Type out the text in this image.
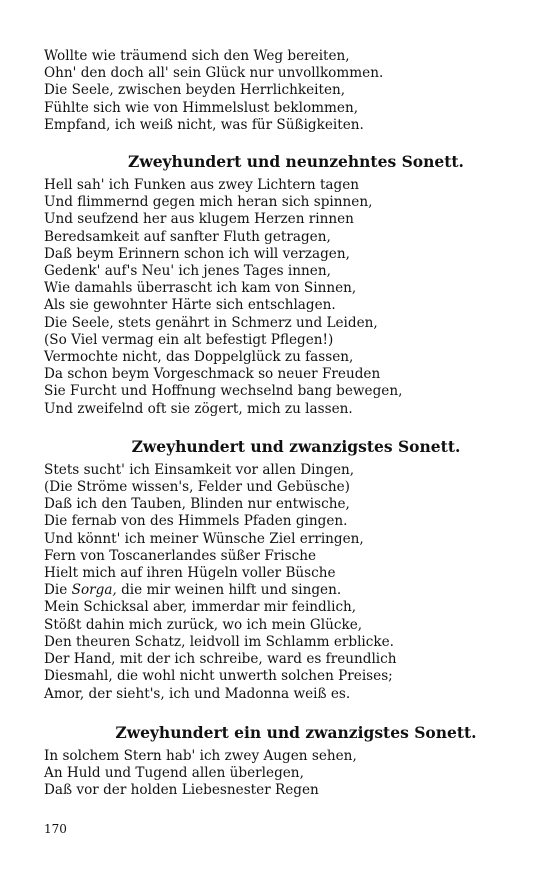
Wollte wie träumend sich den Weg bereiten,
Ohn' den doch all' sein Glück nur unvollkommen.
Die Seele, zwischen beyden Herrlichkeiten,
Fühlte sich wie von Himmelslust beklommen,
Empfand, ich weiß nicht, was für Süßigkeiten.
Zweyhundert und neunzehntes Sonett.
Hell sah' ich Funken aus zwey Lichtern tagen
Und flimmernd gegen mich heran sich spinnen,
Und seufzend her aus klugem Herzen rinnen
Beredsamkeit auf sanfter Fluth getragen,
Daß beym Erinnern schon ich will verzagen,
Gedenk' auf's Neu' ich jenes Tages innen,
Wie damahls überrascht ich kam von Sinnen,
Als sie gewohnter Härte sich entschlagen.
Die Seele, stets genährt in Schmerz und Leiden,
(So Viel vermag ein alt befestigt Pflegen!)
Vermochte nicht, das Doppelglück zu fassen,
Da schon beym Vorgeschmack so neuer Freuden
Sie Furcht und Hoffnung wechselnd bang bewegen,
Und zweifelnd oft sie zögert, mich zu lassen.
Zweyhundert und zwanzigstes Sonett.
Stets sucht' ich Einsamkeit vor allen Dingen,
(Die Ströme wissen's, Felder und Gebüsche)
Daß ich den Tauben, Blinden nur entwische,
Die fernab von des Himmels Pfaden gingen.
Und könnt' ich meiner Wünsche Ziel erringen,
Fern von Toscanerlandes süßer Frische
Hielt mich auf ihren Hügeln voller Büsche
Die Sorga, die mir weinen hilft und singen.
Mein Schicksal aber, immerdar mir feindlich,
Stößt dahin mich zurück, wo ich mein Glücke,
Den theuren Schatz, leidvoll im Schlamm erblicke.
Der Hand, mit der ich schreibe, ward es freundlich
Diesmahl, die wohl nicht unwerth solchen Preises;
Amor, der sieht's, ich und Madonna weiß es.
Zweyhundert ein und zwanzigstes Sonett.
In solchem Stern hab' ich zwey Augen sehen,
An Huld und Tugend allen überlegen,
Daß vor der holden Liebesnester Regen
170
